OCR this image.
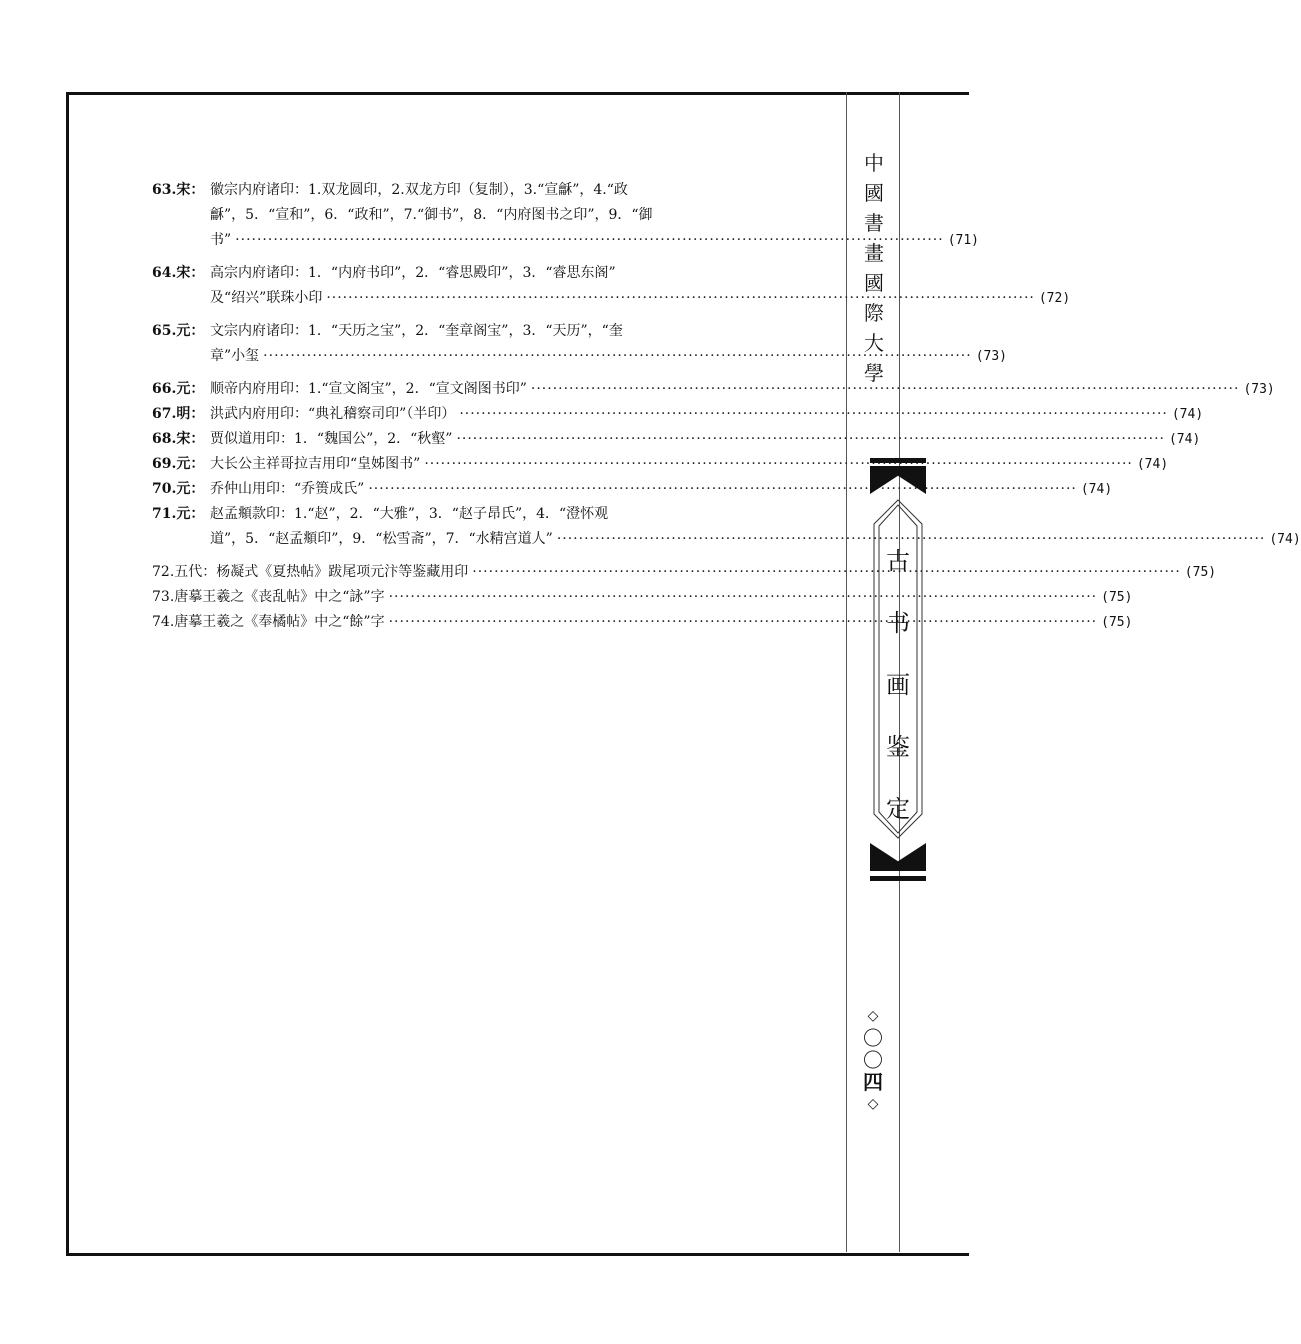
63.宋： 徽宗内府诸印：1.双龙圆印，2.双龙方印（复制），3.“宣龢”，4.“政
龢”，5．“宣和”，6．“政和”，7.“御书”，8．“内府图书之印”，9．“御
书” ·····	(71)
64.宋： 高宗内府诸印：1．“内府书印”，2．“睿思殿印”，3．“睿思东阁”
及“绍兴”联珠小印 ·····	(72)
65.元： 文宗内府诸印：1．“天历之宝”，2．“奎章阁宝”，3．“天历”，“奎
章”小玺 ·····	(73)
66.元： 顺帝内府用印：1.“宣文阁宝”，2．“宣文阁图书印” ·····	(73)
67.明： 洪武内府用印：“典礼稽察司印”（半印） ·····	(74)
68.宋： 贾似道用印：1．“魏国公”，2．“秋壑” ·····	(74)
69.元： 大长公主祥哥拉吉用印“皇姊图书” ·····	(74)
70.元： 乔仲山用印：“乔篑成氏” ·····	(74)
71.元： 赵孟頫款印：1.“赵”，2．“大雅”，3．“赵子昂氏”，4．“澄怀观
道”，5．“赵孟頫印”，9．“松雪斋”，7．“水精宫道人” ·····	(74)
72.五代：杨凝式《夏热帖》跋尾项元汴等鉴藏用印 ·····	(75)
73.唐摹王羲之《丧乱帖》中之“詠”字 ·····	(75)
74.唐摹王羲之《奉橘帖》中之“餘”字 ·····	(75)
中
國
書
畫
國
際
大
學
古
书
画
鉴
定
◇
〇
〇
四
◇
